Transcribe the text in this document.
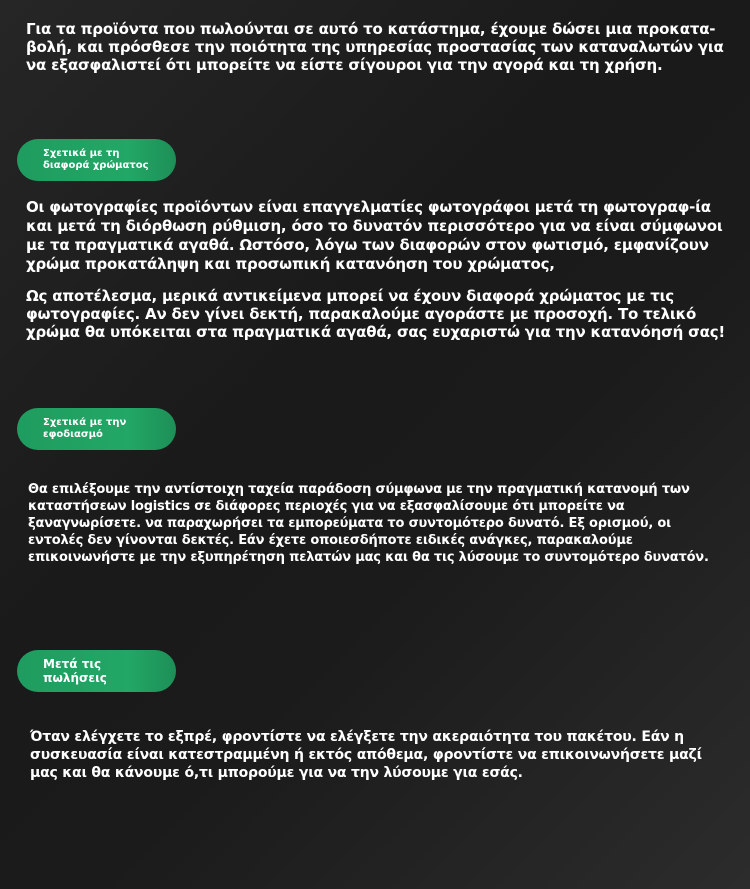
Για τα προϊόντα που πωλούνται σε αυτό το κατάστημα, έχουμε δώσει μια προκατα-βολή, και πρόσθεσε την ποιότητα της υπηρεσίας προστασίας των καταναλωτών για να εξασφαλιστεί ότι μπορείτε να είστε σίγουροι για την αγορά και τη χρήση.
Σχετικά με τη διαφορά χρώματος

Οι φωτογραφίες προϊόντων είναι επαγγελματίες φωτογράφοι μετά τη φωτογραφ-ία και μετά τη διόρθωση ρύθμιση, όσο το δυνατόν περισσότερο για να είναι σύμφωνοι με τα πραγματικά αγαθά. Ωστόσο, λόγω των διαφορών στον φωτισμό, εμφανίζουν χρώμα προκατάληψη και προσωπική κατανόηση του χρώματος,

Ως αποτέλεσμα, μερικά αντικείμενα μπορεί να έχουν διαφορά χρώματος με τις φωτογραφίες. Αν δεν γίνει δεκτή, παρακαλούμε αγοράστε με προσοχή. Το τελικό χρώμα θα υπόκειται στα πραγματικά αγαθά, σας ευχαριστώ για την κατανόησή σας!

Σχετικά με την εφοδιασμό

Θα επιλέξουμε την αντίστοιχη ταχεία παράδοση σύμφωνα με την πραγματική κατανομή των καταστήσεων logistics σε διάφορες περιοχές για να εξασφαλίσουμε ότι μπορείτε να ξαναγνωρίσετε. να παραχωρήσει τα εμπορεύματα το συντομότερο δυνατό. Εξ ορισμού, οι εντολές δεν γίνονται δεκτές. Εάν έχετε οποιεσδήποτε ειδικές ανάγκες, παρακαλούμε επικοινωνήστε με την εξυπηρέτηση πελατών μας και θα τις λύσουμε το συντομότερο δυνατόν.

Μετά τις πωλήσεις

Όταν ελέγχετε το εξπρέ, φροντίστε να ελέγξετε την ακεραιότητα του πακέτου. Εάν η συσκευασία είναι κατεστραμμένη ή εκτός απόθεμα, φροντίστε να επικοινωνήσετε μαζί μας και θα κάνουμε ό,τι μπορούμε για να την λύσουμε για εσάς.
